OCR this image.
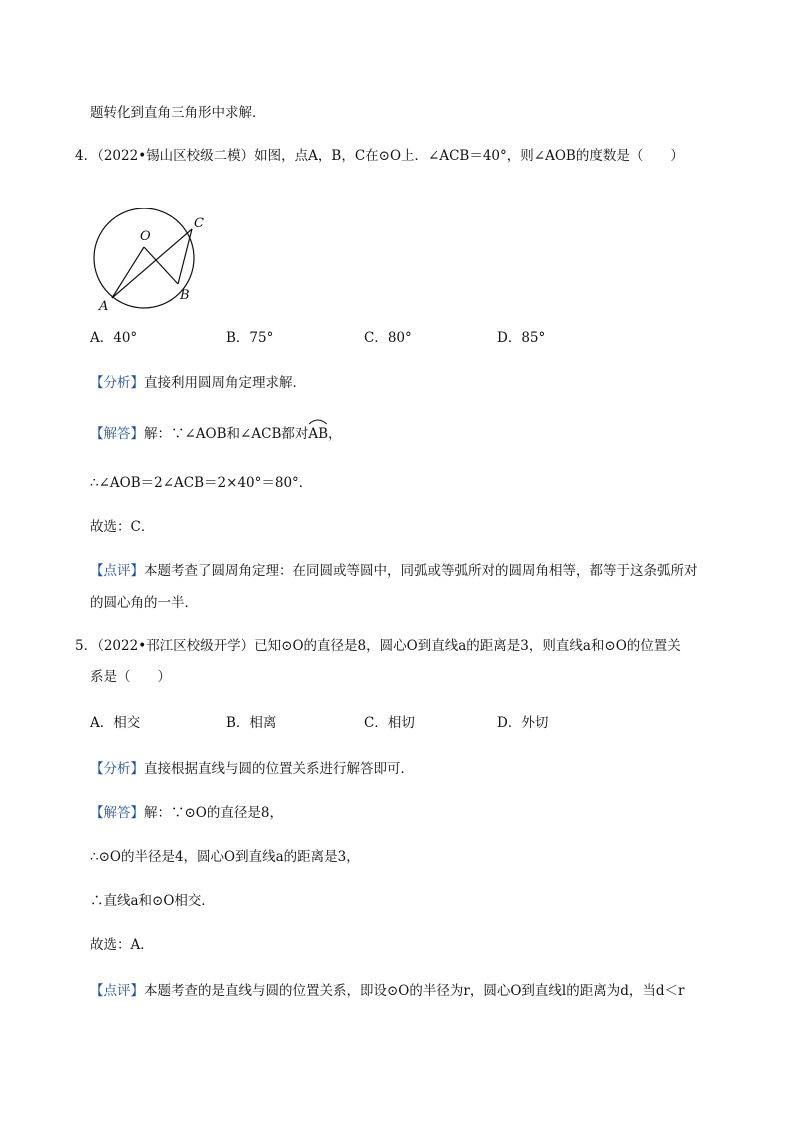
题转化到直角三角形中求解．
4．（2022•锡山区校级二模）如图，点A，B，C在⊙O上．∠ACB＝40°，则∠AOB的度数是（　　）
O
C
A
B
A．40°	B．75°	C．80°	D．85°
【分析】直接利用圆周角定理求解．
【解答】解：∵∠AOB和∠ACB都对
AB，
∴∠AOB＝2∠ACB＝2×40°＝80°．
故选：C．
【点评】本题考查了圆周角定理：在同圆或等圆中，同弧或等弧所对的圆周角相等，都等于这条弧所对
的圆心角的一半．
5．（2022•邗江区校级开学）已知⊙O的直径是8，圆心O到直线a的距离是3，则直线a和⊙O的位置关
系是（　　）
A．相交	B．相离	C．相切	D．外切
【分析】直接根据直线与圆的位置关系进行解答即可．
【解答】解：∵⊙O的直径是8，
∴⊙O的半径是4，圆心O到直线a的距离是3，
∴直线a和⊙O相交．
故选：A．
【点评】本题考查的是直线与圆的位置关系，即设⊙O的半径为r，圆心O到直线l的距离为d，当d＜r
